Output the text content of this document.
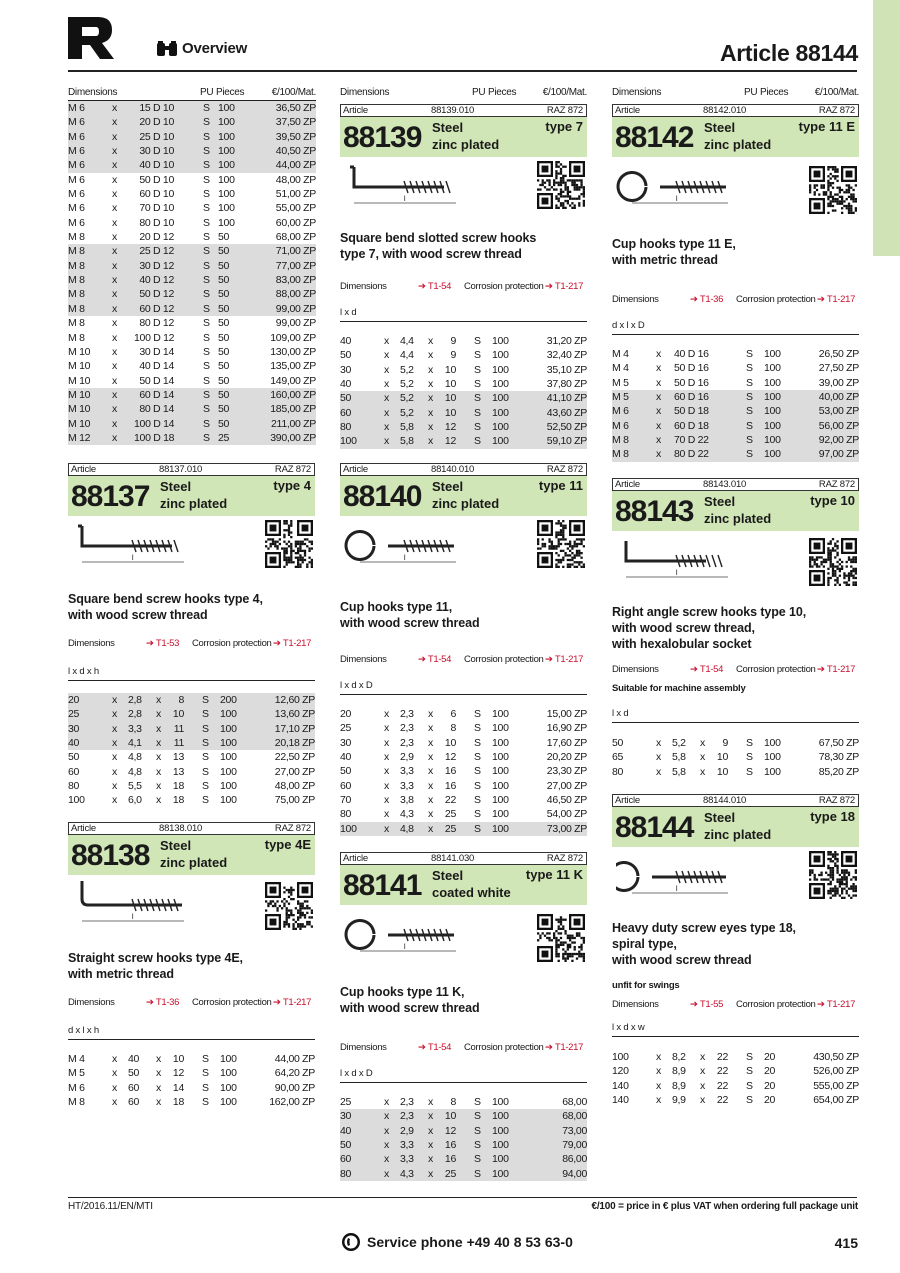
Overview	Article 88144
Dimensions	PU Pieces	€/100/Mat.
M 6	x	15 D 10	S 100	36,50 ZP
M 6	x	20 D 10	S 100	37,50 ZP
M 6	x	25 D 10	S 100	39,50 ZP
M 6	x	30 D 10	S 100	40,50 ZP
M 6	x	40 D 10	S 100	44,00 ZP
M 6	x	50 D 10	S 100	48,00 ZP
M 6	x	60 D 10	S 100	51,00 ZP
M 6	x	70 D 10	S 100	55,00 ZP
M 6	x	80 D 10	S 100	60,00 ZP
M 8	x	20 D 12	S 50	68,00 ZP
M 8	x	25 D 12	S 50	71,00 ZP
M 8	x	30 D 12	S 50	77,00 ZP
M 8	x	40 D 12	S 50	83,00 ZP
M 8	x	50 D 12	S 50	88,00 ZP
M 8	x	60 D 12	S 50	99,00 ZP
M 8	x	80 D 12	S 50	99,00 ZP
M 8	x 100 D 12	S 50	109,00 ZP
M 10 x	30 D 14	S 50	130,00 ZP
M 10 x	40 D 14	S 50	135,00 ZP
M 10 x	50 D 14	S 50	149,00 ZP
M 10 x	60 D 14	S 50	160,00 ZP
M 10 x	80 D 14	S 50	185,00 ZP
M 10 x 100 D 14	S 50	211,00 ZP
M 12 x 100 D 18	S 25	390,00 ZP
Article	88137.010	RAZ 872
88137 Steel
zinc plated
type 4
l
Square bend screw hooks type 4,
with wood screw thread
Dimensions	➔ T1-53 Corrosion protection ➔ T1-217
l x d x h
20	x 2,8 x	8 S 200	12,60 ZP
25	x 2,8 x	10 S 100	13,60 ZP
30	x 3,3 x	11 S 100	17,10 ZP
40	x 4,1 x	11 S 100	20,18 ZP
50	x 4,8 x	13 S 100	22,50 ZP
60	x 4,8 x	13 S 100	27,00 ZP
80	x 5,5 x	18 S 100	48,00 ZP
100	x 6,0 x	18 S 100	75,00 ZP
Article	88138.010	RAZ 872
88138 Steel
zinc plated
type 4E
l
Straight screw hooks type 4E,
with metric thread
Dimensions	➔ T1-36 Corrosion protection ➔ T1-217
d x l x h
M 4	x 40 x	10 S 100	44,00 ZP
M 5	x 50 x	12 S 100	64,20 ZP
M 6	x 60 x	14 S 100	90,00 ZP
M 8	x 60 x	18 S 100	162,00 ZP
Article	88139.010	RAZ 872
88139 Steel
zinc plated
type 7
l
Square bend slotted screw hooks
type 7, with wood screw thread
Dimensions	➔ T1-54 Corrosion protection ➔ T1-217
l x d
40	x 4,4 x	9 S 100	31,20 ZP
50	x 4,4 x	9 S 100	32,40 ZP
30	x 5,2 x	10 S 100	35,10 ZP
40	x 5,2 x	10 S 100	37,80 ZP
50	x 5,2 x	10 S 100	41,10 ZP
60	x 5,2 x	10 S 100	43,60 ZP
80	x 5,8 x	12 S 100	52,50 ZP
100	x 5,8 x	12 S 100	59,10 ZP
Article	88140.010	RAZ 872
88140 Steel
zinc plated
type 11
l
Cup hooks type 11,
with wood screw thread
Dimensions	➔ T1-54 Corrosion protection ➔ T1-217
l x d x D
20	x 2,3 x	6 S 100	15,00 ZP
25	x 2,3 x	8 S 100	16,90 ZP
30	x 2,3 x	10 S 100	17,60 ZP
40	x 2,9 x	12 S 100	20,20 ZP
50	x 3,3 x	16 S 100	23,30 ZP
60	x 3,3 x	16 S 100	27,00 ZP
70	x 3,8 x	22 S 100	46,50 ZP
80	x 4,3 x	25 S 100	54,00 ZP
100	x 4,8 x	25 S 100	73,00 ZP
Article	88141.030	RAZ 872
88141 Steel
coated white
type 11 K
l
Cup hooks type 11 K,
with wood screw thread
Dimensions	➔ T1-54 Corrosion protection ➔ T1-217
l x d x D
25	x 2,3 x	8 S 100	68,00
30	x 2,3 x	10 S 100	68,00
40	x 2,9 x	12 S 100	73,00
50	x 3,3 x	16 S 100	79,00
60	x 3,3 x	16 S 100	86,00
80	x 4,3 x	25 S 100	94,00
Article	88142.010	RAZ 872
88142 Steel
zinc plated
type 11 E
l
Cup hooks type 11 E,
with metric thread
Dimensions	➔ T1-36 Corrosion protection ➔ T1-217
d x l x D
M 4	x 40 D 16	S 100	26,50 ZP
M 4	x 50 D 16	S 100	27,50 ZP
M 5	x 50 D 16	S 100	39,00 ZP
M 5	x 60 D 16	S 100	40,00 ZP
M 6	x 50 D 18	S 100	53,00 ZP
M 6	x 60 D 18	S 100	56,00 ZP
M 8	x 70 D 22	S 100	92,00 ZP
M 8	x 80 D 22	S 100	97,00 ZP
Article	88143.010	RAZ 872
88143 Steel
zinc plated
type 10
l
Right angle screw hooks type 10,
with wood screw thread,
with hexalobular socket
Dimensions	➔ T1-54 Corrosion protection ➔ T1-217
Suitable for machine assembly
l x d
50	x 5,2 x	9 S 100	67,50 ZP
65	x 5,8 x	10 S 100	78,30 ZP
80	x 5,8 x	10 S 100	85,20 ZP
Article	88144.010	RAZ 872
88144 Steel
zinc plated
type 18
l
Heavy duty screw eyes type 18,
spiral type,
with wood screw thread
unfit for swings
Dimensions	➔ T1-55 Corrosion protection ➔ T1-217
l x d x w
100	x 8,2 x	22 S 20	430,50 ZP
120	x 8,9 x	22 S 20	526,00 ZP
140	x 8,9 x	22 S 20	555,00 ZP
140	x 9,9 x	22 S 20	654,00 ZP
Dimensions	PU Pieces	€/100/Mat.
Dimensions	PU Pieces	€/100/Mat.
HT/2016.11/EN/MTI	€/100 = price in € plus VAT when ordering full package unit
Service phone +49 40 8 53 63-0	415
